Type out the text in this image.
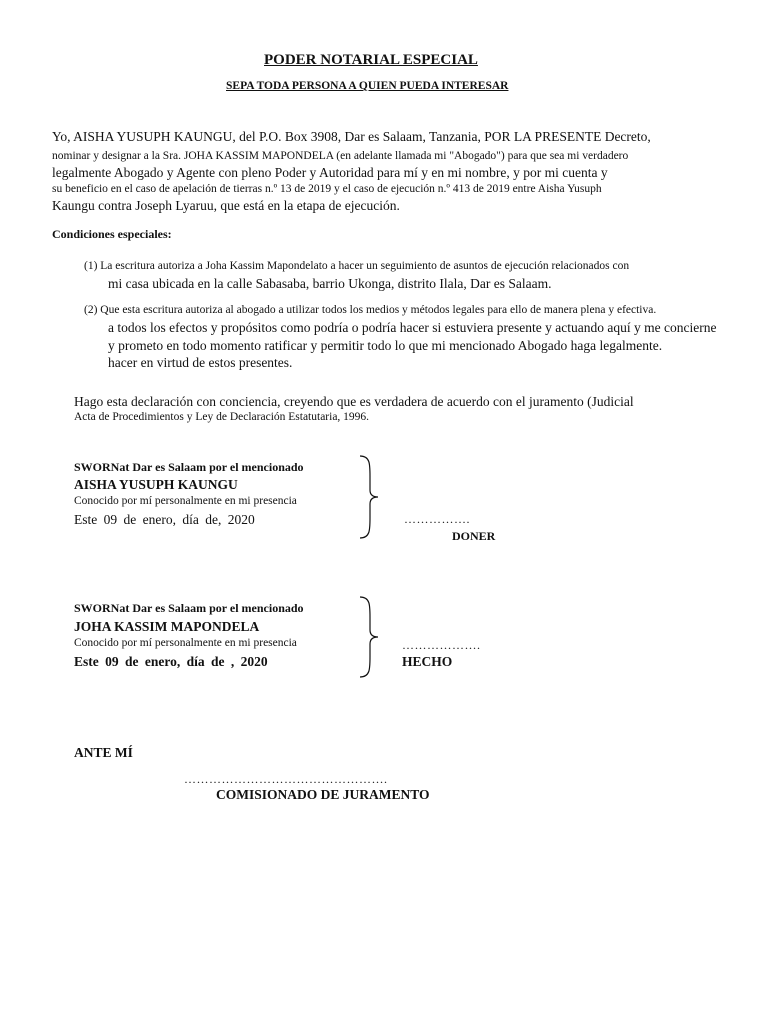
PODER NOTARIAL ESPECIAL
SEPA TODA PERSONA A QUIEN PUEDA INTERESAR
Yo, AISHA YUSUPH KAUNGU, del P.O. Box 3908, Dar es Salaam, Tanzania, POR LA PRESENTE Decreto,
nominar y designar a la Sra. JOHA KASSIM MAPONDELA (en adelante llamada mi "Abogado") para que sea mi verdadero
legalmente Abogado y Agente con pleno Poder y Autoridad para mí y en mi nombre, y por mi cuenta y
su beneficio en el caso de apelación de tierras n.º 13 de 2019 y el caso de ejecución n.º 413 de 2019 entre Aisha Yusuph
Kaungu contra Joseph Lyaruu, que está en la etapa de ejecución.
Condiciones especiales:
(1) La escritura autoriza a Joha Kassim Mapondelato a hacer un seguimiento de asuntos de ejecución relacionados con
mi casa ubicada en la calle Sabasaba, barrio Ukonga, distrito Ilala, Dar es Salaam.
(2) Que esta escritura autoriza al abogado a utilizar todos los medios y métodos legales para ello de manera plena y efectiva.
a todos los efectos y propósitos como podría o podría hacer si estuviera presente y actuando aquí y me concierne
y prometo en todo momento ratificar y permitir todo lo que mi mencionado Abogado haga legalmente.
hacer en virtud de estos presentes.
Hago esta declaración con conciencia, creyendo que es verdadera de acuerdo con el juramento (Judicial
Acta de Procedimientos y Ley de Declaración Estatutaria, 1996.
SWORNat Dar es Salaam por el mencionado
AISHA YUSUPH KAUNGU
Conocido por mí personalmente en mi presencia
Este 09 de enero, día de, 2020	…………….
DONER
SWORNat Dar es Salaam por el mencionado
JOHA KASSIM MAPONDELA
Conocido por mí personalmente en mi presencia
Este 09 de enero, día de , 2020
……………….
HECHO
ANTE MÍ
………………………………………….
COMISIONADO DE JURAMENTO
